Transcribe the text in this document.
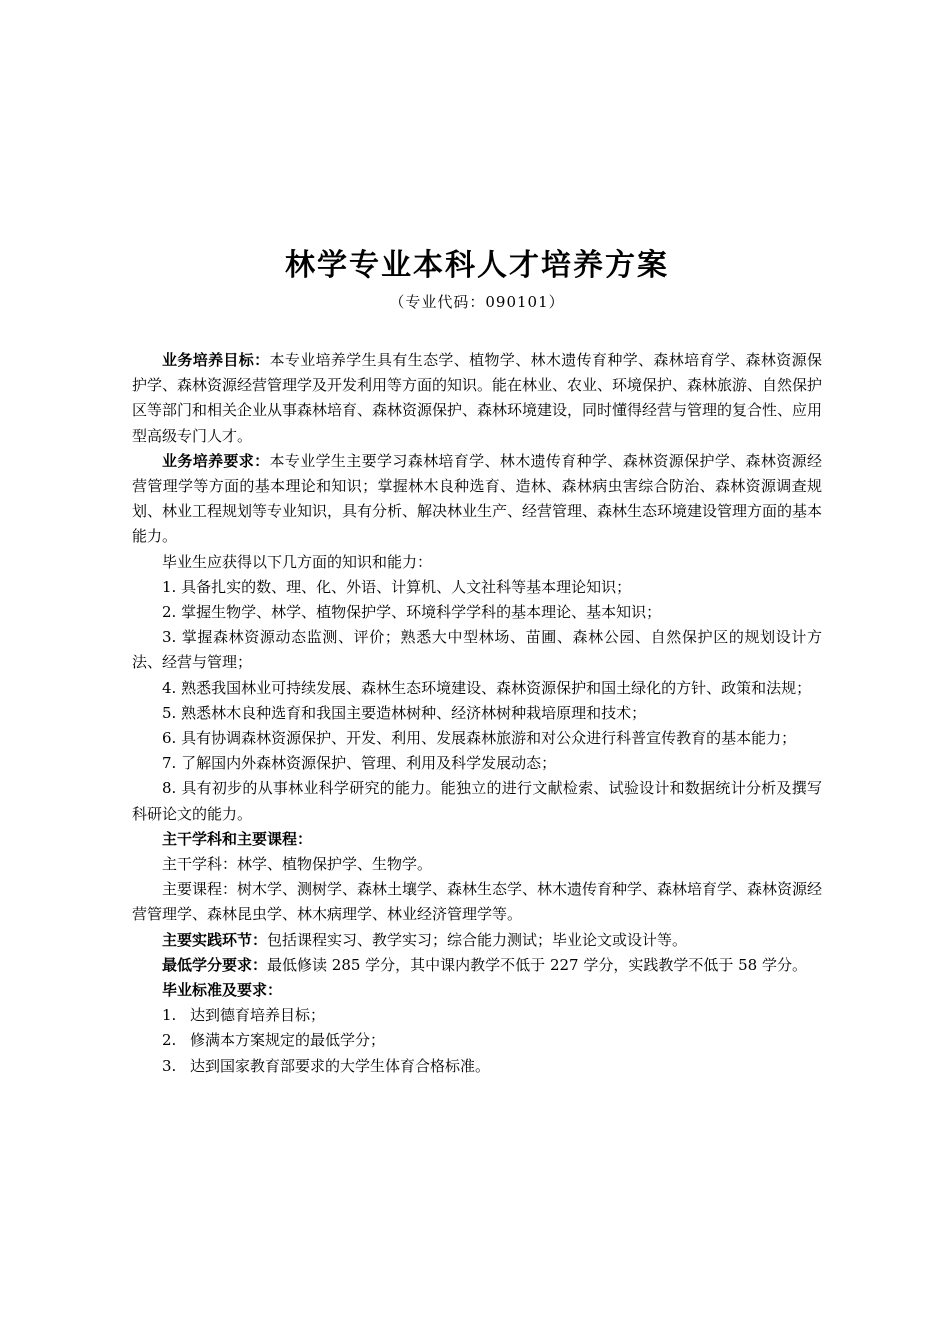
林学专业本科人才培养方案

（专业代码：090101）

业务培养目标：本专业培养学生具有生态学、植物学、林木遗传育种学、森林培育学、森林资源保护学、森林资源经营管理学及开发利用等方面的知识。能在林业、农业、环境保护、森林旅游、自然保护区等部门和相关企业从事森林培育、森林资源保护、森林环境建设，同时懂得经营与管理的复合性、应用型高级专门人才。

业务培养要求：本专业学生主要学习森林培育学、林木遗传育种学、森林资源保护学、森林资源经营管理学等方面的基本理论和知识；掌握林木良种选育、造林、森林病虫害综合防治、森林资源调查规划、林业工程规划等专业知识，具有分析、解决林业生产、经营管理、森林生态环境建设管理方面的基本能力。

毕业生应获得以下几方面的知识和能力：

1. 具备扎实的数、理、化、外语、计算机、人文社科等基本理论知识；

2. 掌握生物学、林学、植物保护学、环境科学学科的基本理论、基本知识；

3. 掌握森林资源动态监测、评价；熟悉大中型林场、苗圃、森林公园、自然保护区的规划设计方法、经营与管理；

4. 熟悉我国林业可持续发展、森林生态环境建设、森林资源保护和国土绿化的方针、政策和法规；

5. 熟悉林木良种选育和我国主要造林树种、经济林树种栽培原理和技术；

6. 具有协调森林资源保护、开发、利用、发展森林旅游和对公众进行科普宣传教育的基本能力；

7. 了解国内外森林资源保护、管理、利用及科学发展动态；

8. 具有初步的从事林业科学研究的能力。能独立的进行文献检索、试验设计和数据统计分析及撰写科研论文的能力。

主干学科和主要课程：

主干学科：林学、植物保护学、生物学。

主要课程：树木学、测树学、森林土壤学、森林生态学、林木遗传育种学、森林培育学、森林资源经营管理学、森林昆虫学、林木病理学、林业经济管理学等。

主要实践环节：包括课程实习、教学实习；综合能力测试；毕业论文或设计等。

最低学分要求：最低修读 285 学分，其中课内教学不低于 227 学分，实践教学不低于 58 学分。

毕业标准及要求：

1. 达到德育培养目标；

2. 修满本方案规定的最低学分；

3. 达到国家教育部要求的大学生体育合格标准。
